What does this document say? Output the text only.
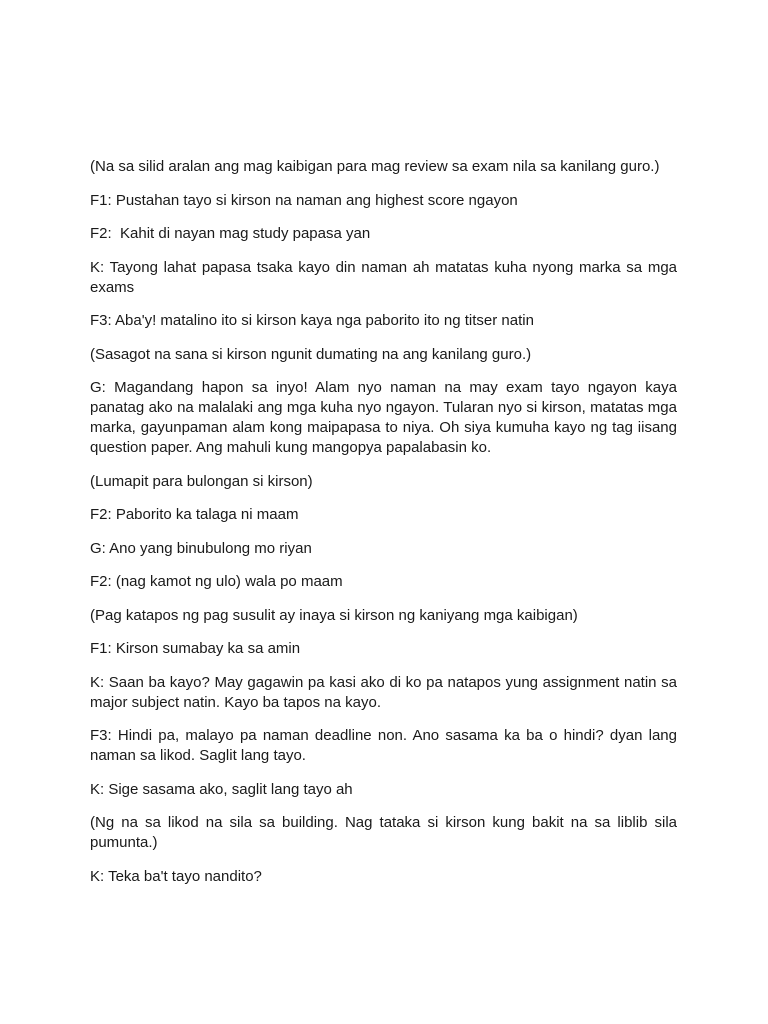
(Na sa silid aralan ang mag kaibigan para mag review sa exam nila sa kanilang guro.)

F1: Pustahan tayo si kirson na naman ang highest score ngayon

F2:  Kahit di nayan mag study papasa yan

K: Tayong lahat papasa tsaka kayo din naman ah matatas kuha nyong marka sa mga exams

F3: Aba'y! matalino ito si kirson kaya nga paborito ito ng titser natin

(Sasagot na sana si kirson ngunit dumating na ang kanilang guro.)

G: Magandang hapon sa inyo! Alam nyo naman na may exam tayo ngayon kaya panatag ako na malalaki ang mga kuha nyo ngayon. Tularan nyo si kirson, matatas mga marka, gayunpaman alam kong maipapasa to niya. Oh siya kumuha kayo ng tag iisang question paper. Ang mahuli kung mangopya papalabasin ko.

(Lumapit para bulongan si kirson)

F2: Paborito ka talaga ni maam

G: Ano yang binubulong mo riyan

F2: (nag kamot ng ulo) wala po maam

(Pag katapos ng pag susulit ay inaya si kirson ng kaniyang mga kaibigan)

F1: Kirson sumabay ka sa amin

K: Saan ba kayo? May gagawin pa kasi ako di ko pa natapos yung assignment natin sa major subject natin. Kayo ba tapos na kayo.

F3: Hindi pa, malayo pa naman deadline non. Ano sasama ka ba o hindi? dyan lang naman sa likod. Saglit lang tayo.

K: Sige sasama ako, saglit lang tayo ah

(Ng na sa likod na sila sa building. Nag tataka si kirson kung bakit na sa liblib sila pumunta.)

K: Teka ba't tayo nandito?
